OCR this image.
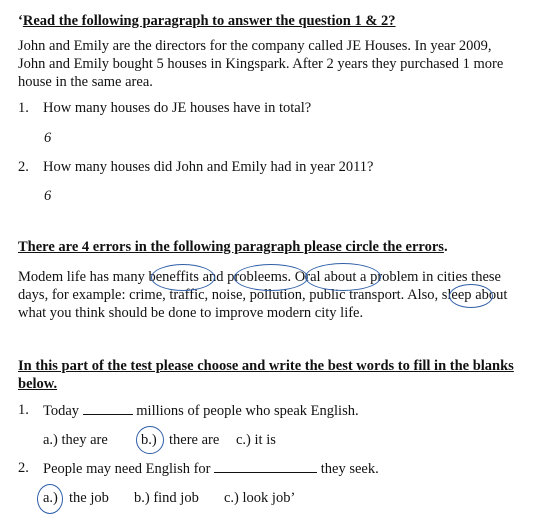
‘Read the following paragraph to answer the question 1 & 2?
John and Emily are the directors for the company called JE Houses. In year 2009,
John and Emily bought 5 houses in Kingspark. After 2 years they purchased 1 more
house in the same area.
1. How many houses do JE houses have in total?
6
2. How many houses did John and Emily had in year 2011?
6
There are 4 errors in the following paragraph please circle the errors.
Modem life has many beneffits and probleems. Oral about a problem in cities these
days, for example: crime, traffic, noise, pollution, public transport. Also, sleep about
what you think should be done to improve modern city life.
In this part of the test please choose and write the best words to fill in the blanks
below.
1. Today	millions of people who speak English.
a.) they are b.) there are c.) it is
2. People may need English for	they seek.
a.) the job b.) find job c.) look job’
